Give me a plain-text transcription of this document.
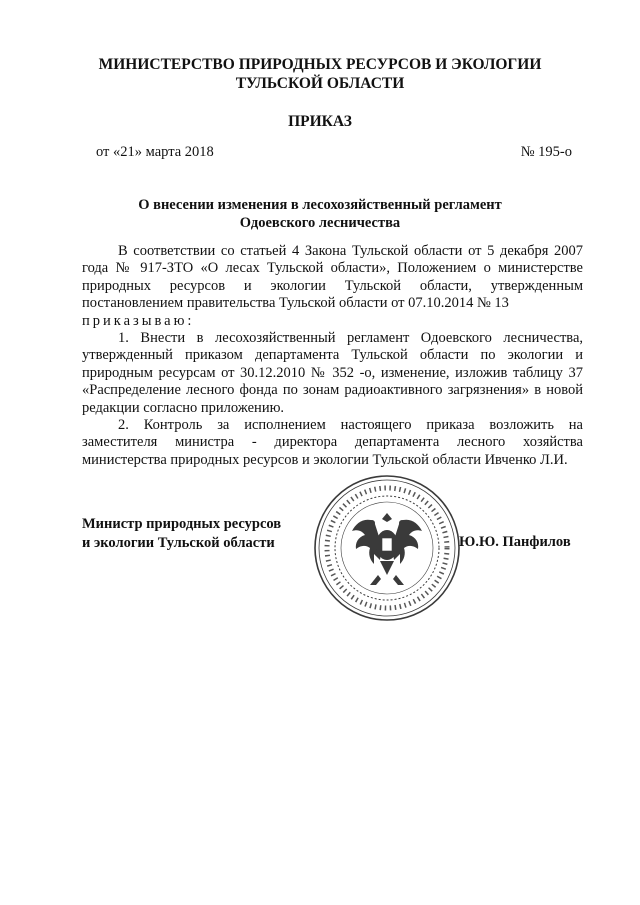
МИНИСТЕРСТВО ПРИРОДНЫХ РЕСУРСОВ И ЭКОЛОГИИ
ТУЛЬСКОЙ ОБЛАСТИ
ПРИКАЗ
от «21» марта 2018	№ 195-о
О внесении изменения в лесохозяйственный регламент
Одоевского лесничества

В соответствии со статьей 4 Закона Тульской области от 5 декабря 2007 года № 917-ЗТО «О лесах Тульской области», Положением о министерстве природных ресурсов и экологии Тульской области, утвержденным постановлением правительства Тульской области от 07.10.2014 № 13

приказываю:

1. Внести в лесохозяйственный регламент Одоевского лесничества, утвержденный приказом департамента Тульской области по экологии и природным ресурсам от 30.12.2010 № 352 -о, изменение, изложив таблицу 37 «Распределение лесного фонда по зонам радиоактивного загрязнения» в новой редакции согласно приложению.

2. Контроль за исполнением настоящего приказа возложить на заместителя министра - директора департамента лесного хозяйства министерства природных ресурсов и экологии Тульской области Ивченко Л.И.

Министр природных ресурсов
и экологии Тульской области	Ю.Ю. Панфилов
